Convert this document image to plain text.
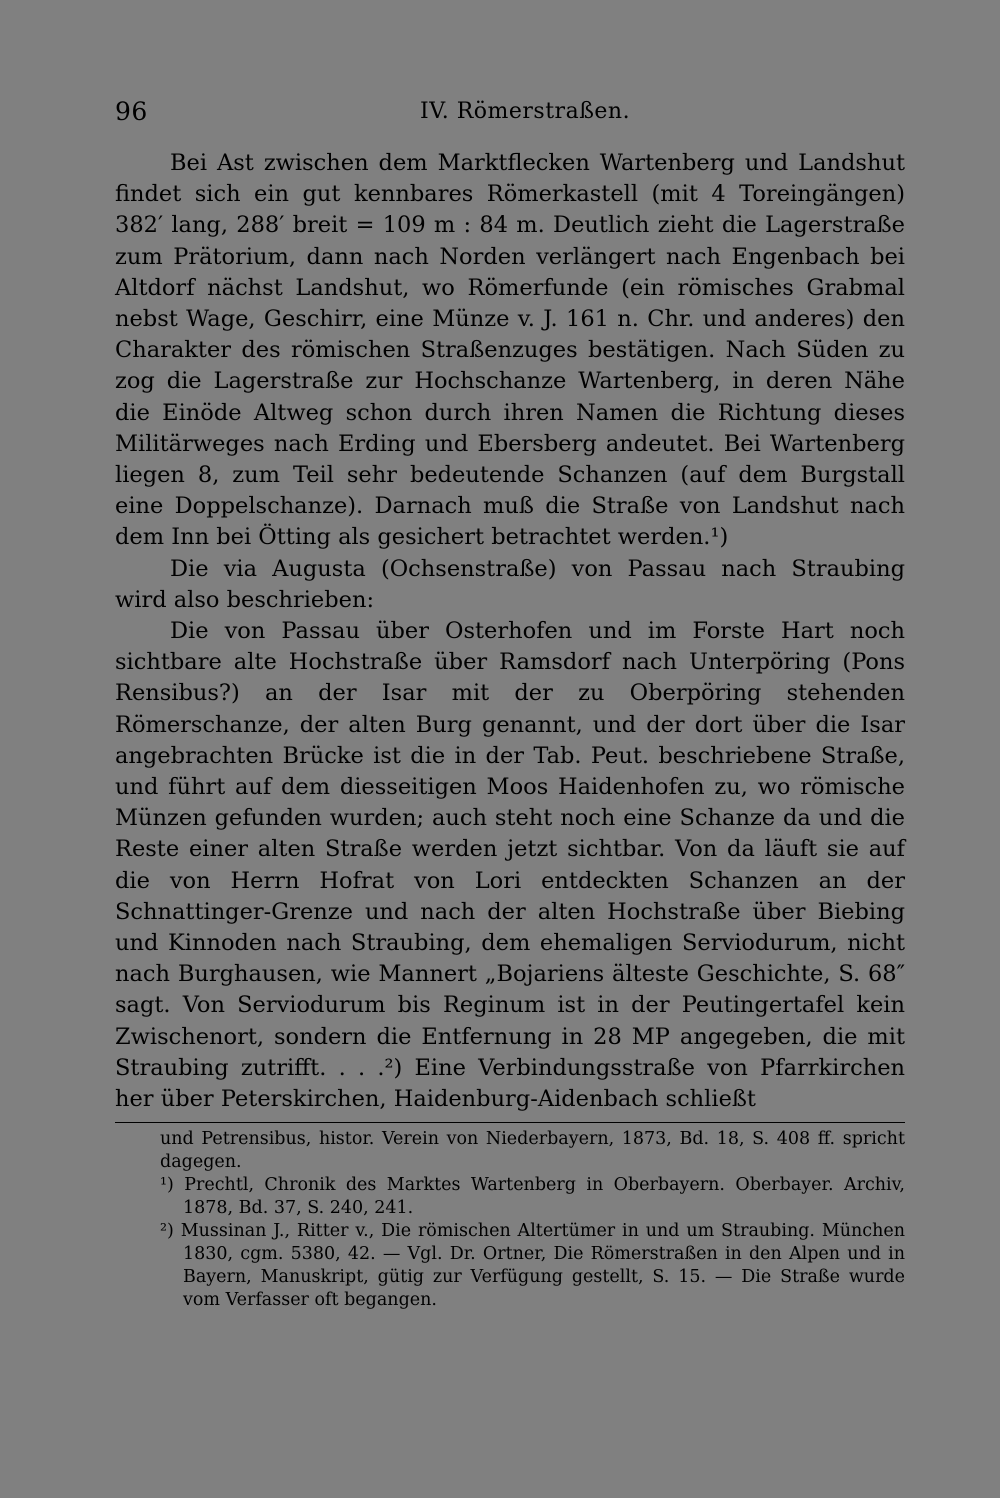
96	IV. Römerstraßen.

Bei Ast zwischen dem Marktflecken Wartenberg und Landshut findet sich ein gut kennbares Römerkastell (mit 4 Toreingängen) 382′ lang, 288′ breit = 109 m : 84 m. Deutlich zieht die Lagerstraße zum Prätorium, dann nach Norden verlängert nach Engenbach bei Altdorf nächst Landshut, wo Römerfunde (ein römisches Grabmal nebst Wage, Geschirr, eine Münze v. J. 161 n. Chr. und anderes) den Charakter des römischen Straßenzuges bestätigen. Nach Süden zu zog die Lagerstraße zur Hochschanze Wartenberg, in deren Nähe die Einöde Altweg schon durch ihren Namen die Richtung dieses Militärweges nach Erding und Ebersberg andeutet. Bei Wartenberg liegen 8, zum Teil sehr bedeutende Schanzen (auf dem Burgstall eine Doppelschanze). Darnach muß die Straße von Landshut nach dem Inn bei Ötting als gesichert betrachtet werden.¹)

Die via Augusta (Ochsenstraße) von Passau nach Straubing wird also beschrieben:

Die von Passau über Osterhofen und im Forste Hart noch sichtbare alte Hochstraße über Ramsdorf nach Unterpöring (Pons Rensibus?) an der Isar mit der zu Oberpöring stehenden Römerschanze, der alten Burg genannt, und der dort über die Isar angebrachten Brücke ist die in der Tab. Peut. beschriebene Straße, und führt auf dem diesseitigen Moos Haidenhofen zu, wo römische Münzen gefunden wurden; auch steht noch eine Schanze da und die Reste einer alten Straße werden jetzt sichtbar. Von da läuft sie auf die von Herrn Hofrat von Lori entdeckten Schanzen an der Schnattinger-Grenze und nach der alten Hochstraße über Biebing und Kinnoden nach Straubing, dem ehemaligen Serviodurum, nicht nach Burghausen, wie Mannert „Bojariens älteste Geschichte, S. 68″ sagt. Von Serviodurum bis Reginum ist in der Peutingertafel kein Zwischenort, sondern die Entfernung in 28 MP angegeben, die mit Straubing zutrifft. . . .²) Eine Verbindungsstraße von Pfarrkirchen her über Peterskirchen, Haidenburg-Aidenbach schließt

und Petrensibus, histor. Verein von Niederbayern, 1873, Bd. 18, S. 408 ff. spricht dagegen.

¹) Prechtl, Chronik des Marktes Wartenberg in Oberbayern. Oberbayer. Archiv, 1878, Bd. 37, S. 240, 241.

²) Mussinan J., Ritter v., Die römischen Altertümer in und um Straubing. München 1830, cgm. 5380, 42. — Vgl. Dr. Ortner, Die Römerstraßen in den Alpen und in Bayern, Manuskript, gütig zur Verfügung gestellt, S. 15. — Die Straße wurde vom Verfasser oft begangen.
